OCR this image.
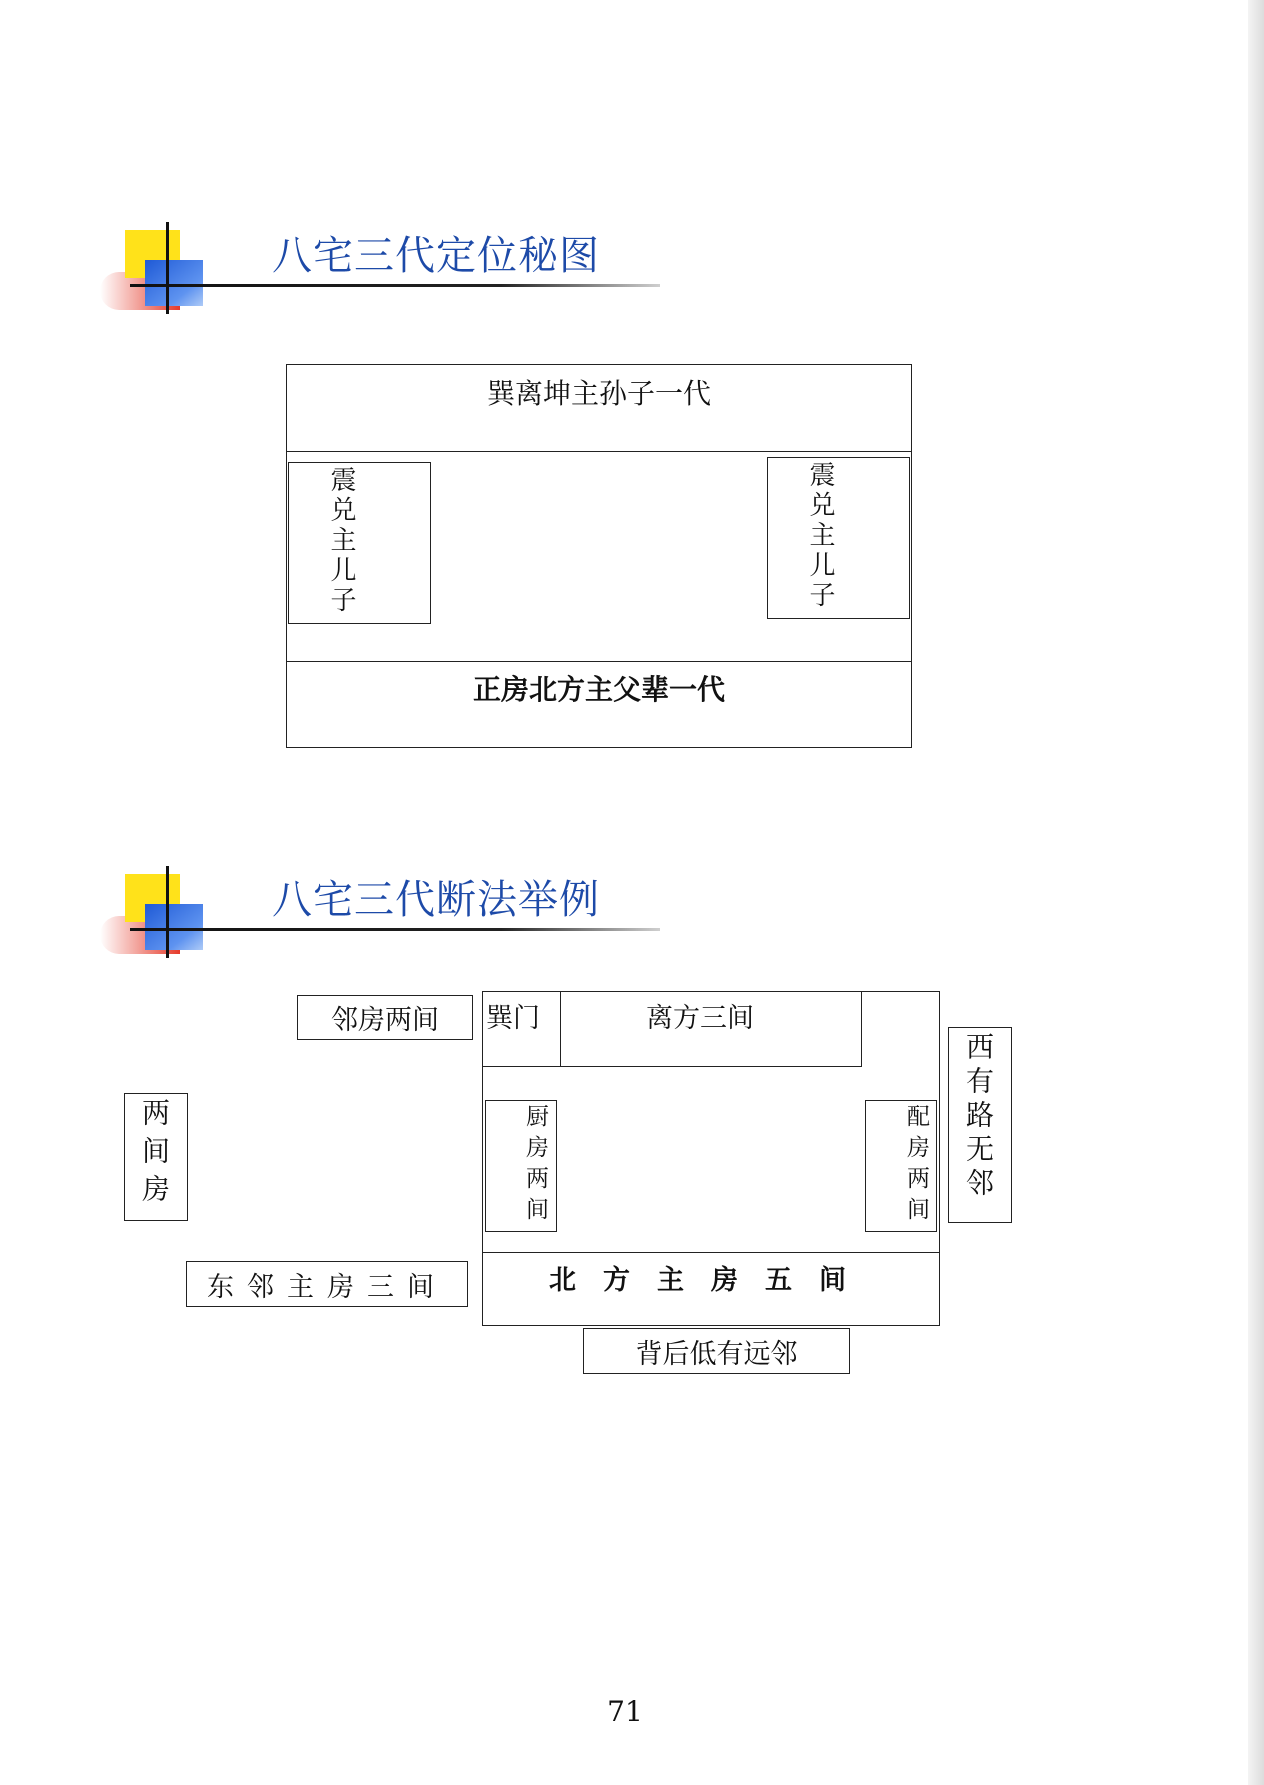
八宅三代定位秘图
巽离坤主孙子一代
震兑主儿子	震兑主儿子
正房北方主父辈一代
八宅三代断法举例
邻房两间	巽门	离方三间
厨房两间	配房两间
北方主房五间
西有路无邻
两间房
东邻主房三间
背后低有远邻
71
